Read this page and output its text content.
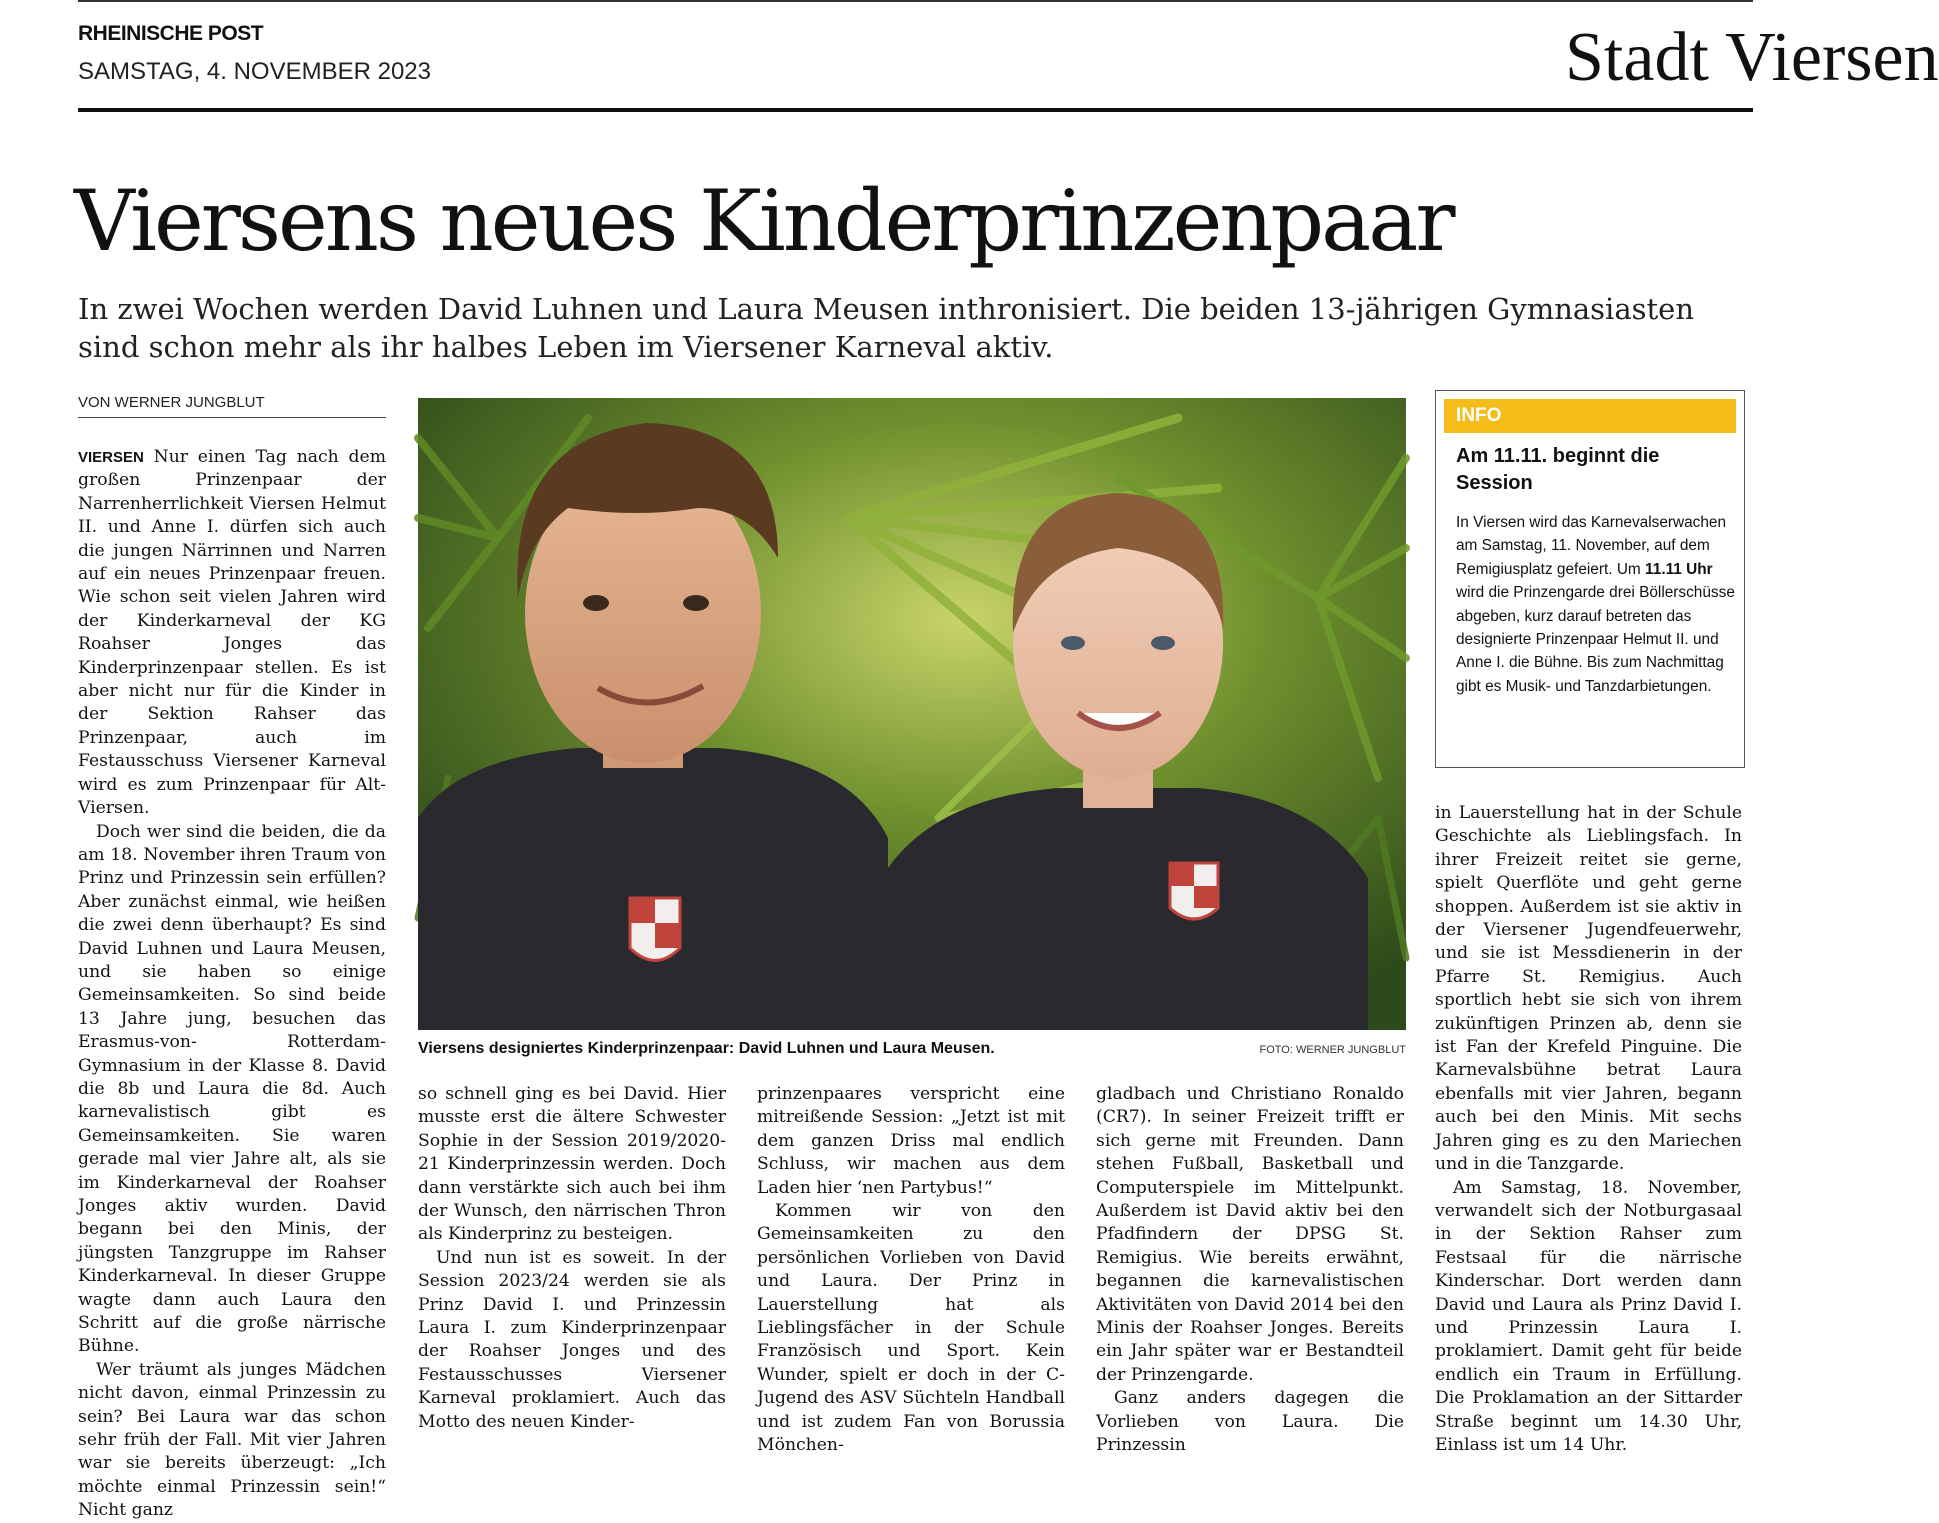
RHEINISCHE POST
SAMSTAG, 4. NOVEMBER 2023	Stadt Viersen
Viersens neues Kinderprinzenpaar
In zwei Wochen werden David Luhnen und Laura Meusen inthronisiert. Die beiden 13-jährigen Gymnasiasten sind schon mehr als ihr halbes Leben im Viersener Karneval aktiv.
VON WERNER JUNGBLUT

VIERSEN Nur einen Tag nach dem großen Prinzenpaar der Narrenherrlichkeit Viersen Helmut II. und Anne I. dürfen sich auch die jungen Närrinnen und Narren auf ein neues Prinzenpaar freuen. Wie schon seit vielen Jahren wird der Kinderkarneval der KG Roahser Jonges das Kinderprinzenpaar stellen. Es ist aber nicht nur für die Kinder in der Sektion Rahser das Prinzenpaar, auch im Festausschuss Viersener Karneval wird es zum Prinzenpaar für Alt-Viersen.

Doch wer sind die beiden, die da am 18. November ihren Traum von Prinz und Prinzessin sein erfüllen? Aber zunächst einmal, wie heißen die zwei denn überhaupt? Es sind David Luhnen und Laura Meusen, und sie haben so einige Gemeinsamkeiten. So sind beide 13 Jahre jung, besuchen das Erasmus-von- Rotterdam-Gymnasium in der Klasse 8. David die 8b und Laura die 8d. Auch karnevalistisch gibt es Gemeinsamkeiten. Sie waren gerade mal vier Jahre alt, als sie im Kinderkarneval der Roahser Jonges aktiv wurden. David begann bei den Minis, der jüngsten Tanzgruppe im Rahser Kinderkarneval. In dieser Gruppe wagte dann auch Laura den Schritt auf die große närrische Bühne.

Wer träumt als junges Mädchen nicht davon, einmal Prinzessin zu sein? Bei Laura war das schon sehr früh der Fall. Mit vier Jahren war sie bereits überzeugt: „Ich möchte einmal Prinzessin sein!“ Nicht ganz

Viersens designiertes Kinderprinzenpaar: David Luhnen und Laura Meusen.	FOTO: WERNER JUNGBLUT

so schnell ging es bei David. Hier musste erst die ältere Schwester Sophie in der Session 2019/2020-21 Kinderprinzessin werden. Doch dann verstärkte sich auch bei ihm der Wunsch, den närrischen Thron als Kinderprinz zu besteigen.

Und nun ist es soweit. In der Session 2023/24 werden sie als Prinz David I. und Prinzessin Laura I. zum Kinderprinzenpaar der Roahser Jonges und des Festausschusses Viersener Karneval proklamiert. Auch das Motto des neuen Kinder-

prinzenpaares verspricht eine mitreißende Session: „Jetzt ist mit dem ganzen Driss mal endlich Schluss, wir machen aus dem Laden hier ‘nen Partybus!“

Kommen wir von den Gemeinsamkeiten zu den persönlichen Vorlieben von David und Laura. Der Prinz in Lauerstellung hat als Lieblingsfächer in der Schule Französisch und Sport. Kein Wunder, spielt er doch in der C-Jugend des ASV Süchteln Handball und ist zudem Fan von Borussia Mönchen-

gladbach und Christiano Ronaldo (CR7). In seiner Freizeit trifft er sich gerne mit Freunden. Dann stehen Fußball, Basketball und Computerspiele im Mittelpunkt. Außerdem ist David aktiv bei den Pfadfindern der DPSG St. Remigius. Wie bereits erwähnt, begannen die karnevalistischen Aktivitäten von David 2014 bei den Minis der Roahser Jonges. Bereits ein Jahr später war er Bestandteil der Prinzengarde.

Ganz anders dagegen die Vorlieben von Laura. Die Prinzessin

INFO
Am 11.11. beginnt die Session
In Viersen wird das Karnevalserwachen am Samstag, 11. November, auf dem Remigiusplatz gefeiert. Um 11.11 Uhr wird die Prinzengarde drei Böllerschüsse abgeben, kurz darauf betreten das designierte Prinzenpaar Helmut II. und Anne I. die Bühne. Bis zum Nachmittag gibt es Musik- und Tanzdarbietungen.

in Lauerstellung hat in der Schule Geschichte als Lieblingsfach. In ihrer Freizeit reitet sie gerne, spielt Querflöte und geht gerne shoppen. Außerdem ist sie aktiv in der Viersener Jugendfeuerwehr, und sie ist Messdienerin in der Pfarre St. Remigius. Auch sportlich hebt sie sich von ihrem zukünftigen Prinzen ab, denn sie ist Fan der Krefeld Pinguine. Die Karnevalsbühne betrat Laura ebenfalls mit vier Jahren, begann auch bei den Minis. Mit sechs Jahren ging es zu den Mariechen und in die Tanzgarde.

Am Samstag, 18. November, verwandelt sich der Notburgasaal in der Sektion Rahser zum Festsaal für die närrische Kinderschar. Dort werden dann David und Laura als Prinz David I. und Prinzessin Laura I. proklamiert. Damit geht für beide endlich ein Traum in Erfüllung. Die Proklamation an der Sittarder Straße beginnt um 14.30 Uhr, Einlass ist um 14 Uhr.
